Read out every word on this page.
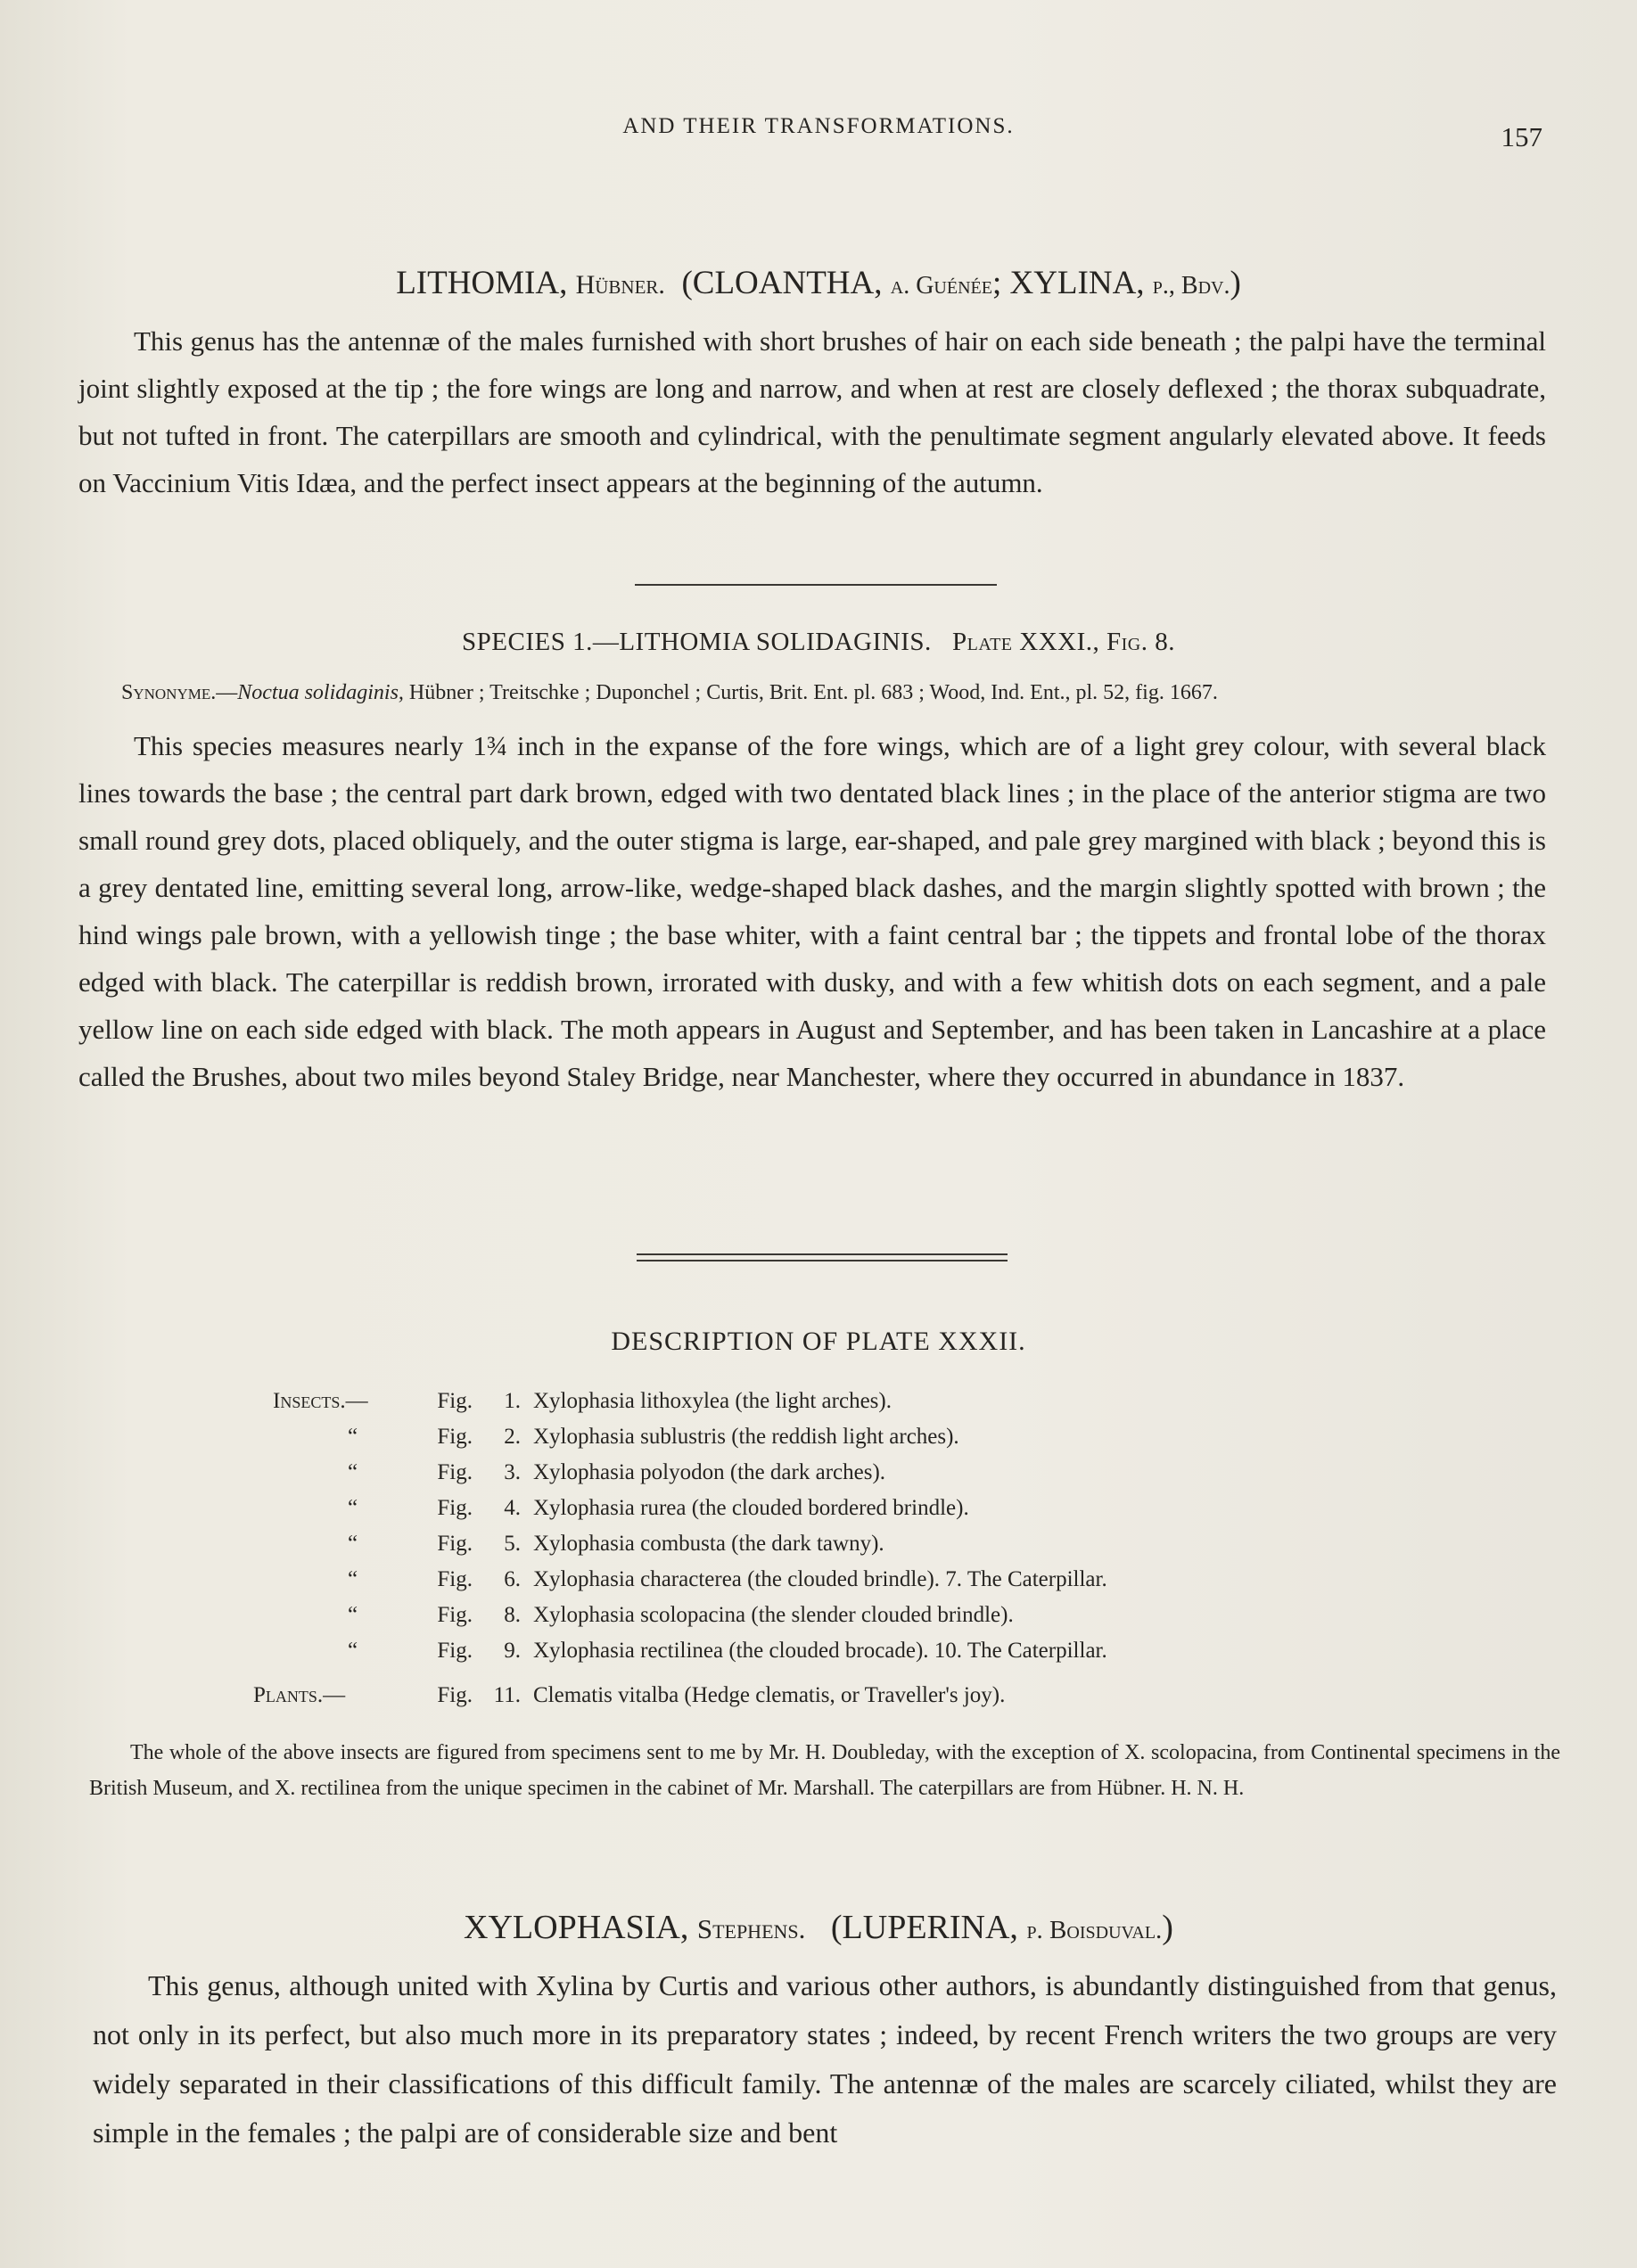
AND THEIR TRANSFORMATIONS.	157
LITHOMIA, Hübner. (CLOANTHA, a. Guénée; XYLINA, p., Bdv.)

This genus has the antennæ of the males furnished with short brushes of hair on each side beneath ; the palpi have the terminal joint slightly exposed at the tip ; the fore wings are long and narrow, and when at rest are closely deflexed ; the thorax subquadrate, but not tufted in front. The caterpillars are smooth and cylindrical, with the penultimate segment angularly elevated above. It feeds on Vaccinium Vitis Idæa, and the perfect insect appears at the beginning of the autumn.

SPECIES 1.—LITHOMIA SOLIDAGINIS. Plate XXXI., Fig. 8.
Synonyme.—Noctua solidaginis, Hübner ; Treitschke ; Duponchel ; Curtis, Brit. Ent. pl. 683 ; Wood, Ind. Ent., pl. 52, fig. 1667.

This species measures nearly 1¾ inch in the expanse of the fore wings, which are of a light grey colour, with several black lines towards the base ; the central part dark brown, edged with two dentated black lines ; in the place of the anterior stigma are two small round grey dots, placed obliquely, and the outer stigma is large, ear-shaped, and pale grey margined with black ; beyond this is a grey dentated line, emitting several long, arrow-like, wedge-shaped black dashes, and the margin slightly spotted with brown ; the hind wings pale brown, with a yellowish tinge ; the base whiter, with a faint central bar ; the tippets and frontal lobe of the thorax edged with black. The caterpillar is reddish brown, irrorated with dusky, and with a few whitish dots on each segment, and a pale yellow line on each side edged with black. The moth appears in August and September, and has been taken in Lancashire at a place called the Brushes, about two miles beyond Staley Bridge, near Manchester, where they occurred in abundance in 1837.

DESCRIPTION OF PLATE XXXII.
Insects.—	Fig.	1. Xylophasia lithoxylea (the light arches).
“	Fig.	2. Xylophasia sublustris (the reddish light arches).
“	Fig.	3. Xylophasia polyodon (the dark arches).
“	Fig.	4. Xylophasia rurea (the clouded bordered brindle).
“	Fig.	5. Xylophasia combusta (the dark tawny).
“	Fig.	6. Xylophasia characterea (the clouded brindle). 7. The Caterpillar.
“	Fig.	8. Xylophasia scolopacina (the slender clouded brindle).
“	Fig.	9. Xylophasia rectilinea (the clouded brocade). 10. The Caterpillar.
Plants.—	Fig. 11. Clematis vitalba (Hedge clematis, or Traveller's joy).

The whole of the above insects are figured from specimens sent to me by Mr. H. Doubleday, with the exception of X. scolopacina, from Continental specimens in the British Museum, and X. rectilinea from the unique specimen in the cabinet of Mr. Marshall. The caterpillars are from Hübner. H. N. H.

XYLOPHASIA, Stephens. (LUPERINA, p. Boisduval.)

This genus, although united with Xylina by Curtis and various other authors, is abundantly distinguished from that genus, not only in its perfect, but also much more in its preparatory states ; indeed, by recent French writers the two groups are very widely separated in their classifications of this difficult family. The antennæ of the males are scarcely ciliated, whilst they are simple in the females ; the palpi are of considerable size and bent
